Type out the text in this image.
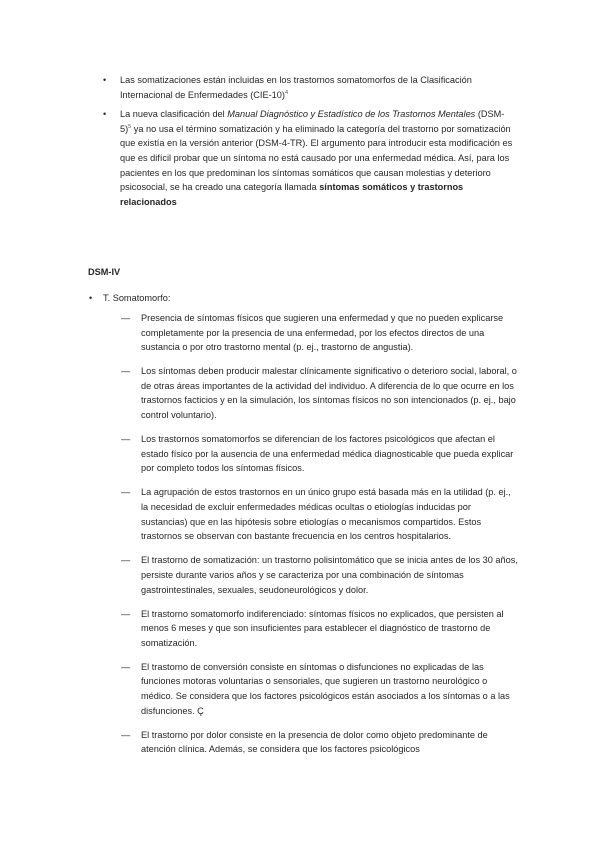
• Las somatizaciones están incluidas en los trastornos somatomorfos de la Clasificación Internacional de Enfermedades $(CIE-10)^4$
• La nueva clasificación del Manual Diagnóstico y Estadístico de los Trastornos Mentales $(DSM-5)^5$ ya no usa el término somatización y ha eliminado la categoría del trastorno por somatización que existía en la versión anterior (DSM-4-TR). El argumento para introducir esta modificación es que es difícil probar que un síntoma no está causado por una enfermedad médica. Así, para los pacientes en los que predominan los síntomas somáticos que causan molestias y deterioro psicosocial, se ha creado una categoría llamada síntomas somáticos y trastornos relacionados
DSM-IV
• T. Somatomorfo:
— Presencia de síntomas físicos que sugieren una enfermedad y que no pueden explicarse completamente por la presencia de una enfermedad, por los efectos directos de una sustancia o por otro trastorno mental (p. ej., trastorno de angustia).
— Los síntomas deben producir malestar clínicamente significativo o deterioro social, laboral, o de otras áreas importantes de la actividad del individuo. A diferencia de lo que ocurre en los trastornos facticios y en la simulación, los síntomas físicos no son intencionados (p. ej., bajo control voluntario).
— Los trastornos somatomorfos se diferencian de los factores psicológicos que afectan el estado físico por la ausencia de una enfermedad médica diagnosticable que pueda explicar por completo todos los síntomas físicos.
— La agrupación de estos trastornos en un único grupo está basada más en la utilidad (p. ej., la necesidad de excluir enfermedades médicas ocultas o etiologías inducidas por sustancias) que en las hipótesis sobre etiologías o mecanismos compartidos. Estos trastornos se observan con bastante frecuencia en los centros hospitalarios.
— El trastorno de somatización: un trastorno polisintomático que se inicia antes de los 30 años, persiste durante varios años y se caracteriza por una combinación de síntomas gastrointestinales, sexuales, seudoneurológicos y dolor.
— El trastorno somatomorfo indiferenciado: síntomas físicos no explicados, que persisten al menos 6 meses y que son insuficientes para establecer el diagnóstico de trastorno de somatización.
— El trastorno de conversión consiste en síntomas o disfunciones no explicadas de las funciones motoras voluntarias o sensoriales, que sugieren un trastorno neurológico o médico. Se considera que los factores psicológicos están asociados a los síntomas o a las disfunciones. Ç
— El trastorno por dolor consiste en la presencia de dolor como objeto predominante de atención clínica. Además, se considera que los factores psicológicos
